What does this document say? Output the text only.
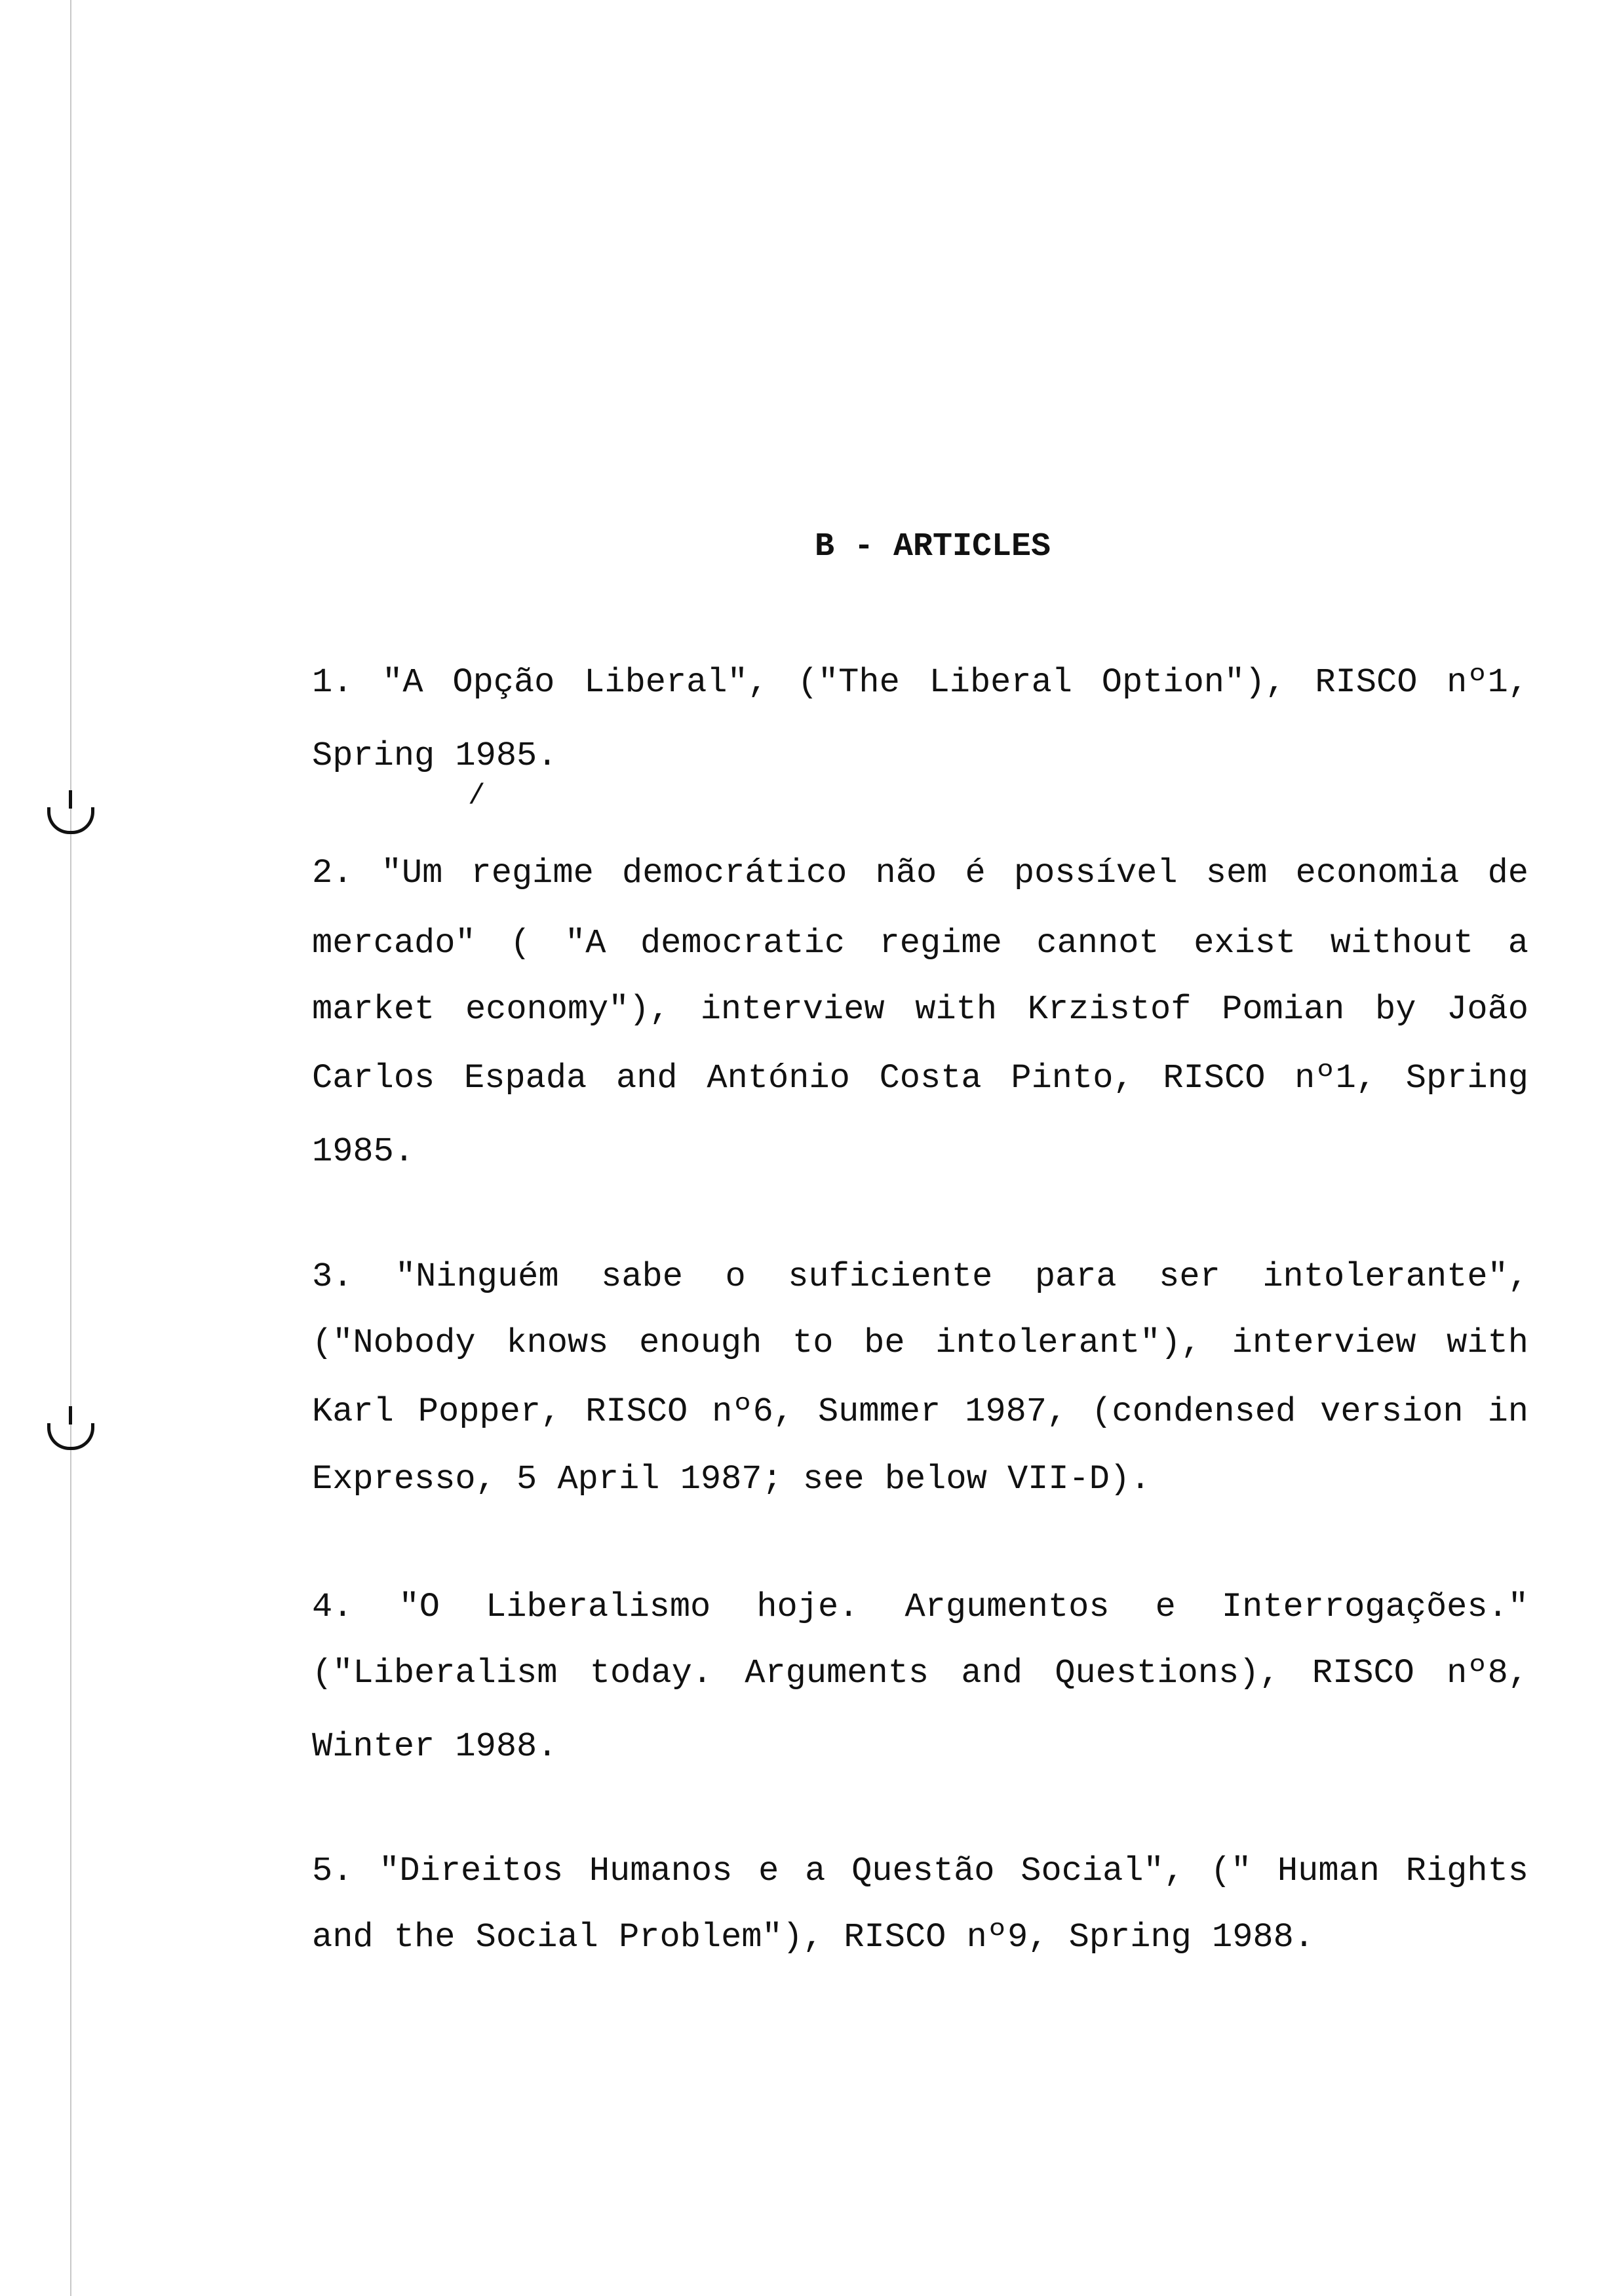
B - ARTICLES
1. "A Opção Liberal", ("The Liberal Option"), RISCO nº1,
Spring 1985.
/
2. "Um regime democrático não é possível sem economia de
mercado" ( "A democratic regime cannot exist without a
market economy"), interview with Krzistof Pomian by João
Carlos Espada and António Costa Pinto, RISCO nº1, Spring
1985.
3. "Ninguém sabe o suficiente para ser intolerante",
("Nobody knows enough to be intolerant"), interview with
Karl Popper, RISCO nº6, Summer 1987, (condensed version in
Expresso, 5 April 1987; see below VII-D).
4. "O Liberalismo hoje. Argumentos e Interrogações."
("Liberalism today. Arguments and Questions), RISCO nº8,
Winter 1988.
5. "Direitos Humanos e a Questão Social", (" Human Rights
and the Social Problem"), RISCO nº9, Spring 1988.
